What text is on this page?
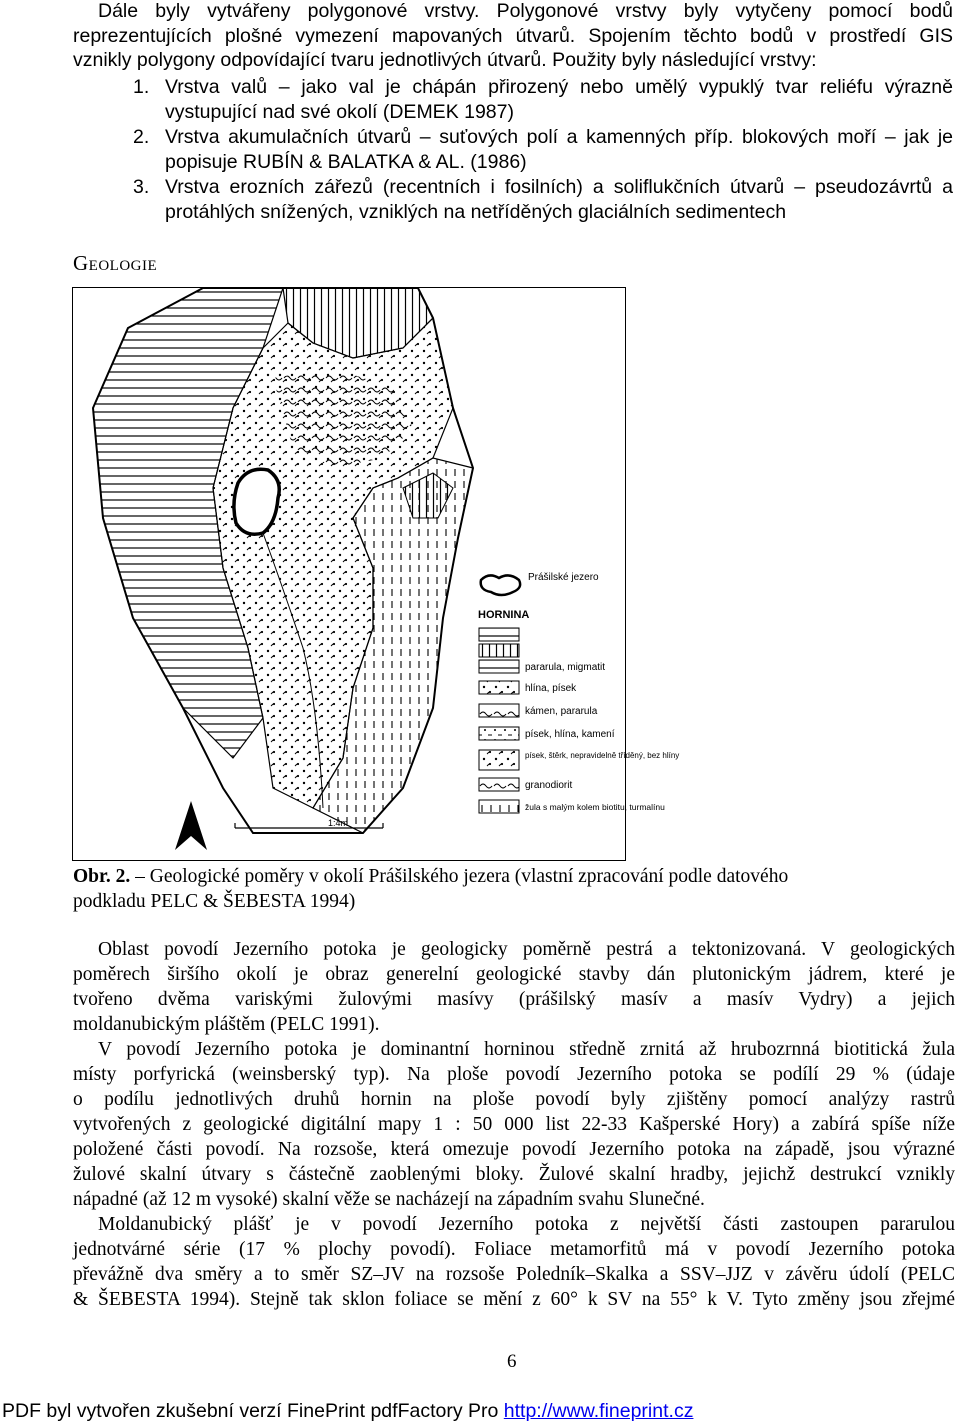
Dále byly vytvářeny polygonové vrstvy. Polygonové vrstvy byly vytyčeny pomocí bodů
reprezentujících plošné vymezení mapovaných útvarů. Spojením těchto bodů v prostředí GIS
vznikly polygony odpovídající tvaru jednotlivých útvarů. Použity byly následující vrstvy:
1. Vrstva valů – jako val je chápán přirozený nebo umělý vypuklý tvar reliéfu výrazně
vystupující nad své okolí (DEMEK 1987)
2. Vrstva akumulačních útvarů – suťových polí a kamenných příp. blokových moří – jak je
popisuje RUBÍN & BALATKA & AL. (1986)
3. Vrstva erozních zářezů (recentních i fosilních) a soliflukčních útvarů – pseudozávrtů a
protáhlých snížených, vzniklých na netříděných glaciálních sedimentech
Geologie
1:4m
Prášilské jezero
HORNINA
pararula, migmatit
hlína, písek
kámen, pararula
písek, hlína, kamení
písek, štěrk, nepravidelně tříděný, bez hlíny
granodiorit
žula s malým kolem biotitu, turmalínu
Obr. 2. – Geologické poměry v okolí Prášilského jezera (vlastní zpracování podle datového
podkladu PELC & ŠEBESTA 1994)
Oblast povodí Jezerního potoka je geologicky poměrně pestrá a tektonizovaná. V geologických
poměrech širšího okolí je obraz generelní geologické stavby dán plutonickým jádrem, které je
tvořeno dvěma variskými žulovými masívy (prášilský masív a masív Vydry) a jejich
moldanubickým pláštěm (PELC 1991).
V povodí Jezerního potoka je dominantní horninou středně zrnitá až hrubozrnná biotitická žula
místy porfyrická (weinsberský typ). Na ploše povodí Jezerního potoka se podílí 29 % (údaje
o podílu jednotlivých druhů hornin na ploše povodí byly zjištěny pomocí analýzy rastrů
vytvořených z geologické digitální mapy 1 : 50 000 list 22-33 Kašperské Hory) a zabírá spíše níže
položené části povodí. Na rozsoše, která omezuje povodí Jezerního potoka na západě, jsou výrazné
žulové skalní útvary s částečně zaoblenými bloky. Žulové skalní hradby, jejichž destrukcí vznikly
nápadné (až 12 m vysoké) skalní věže se nacházejí na západním svahu Slunečné.
Moldanubický plášť je v povodí Jezerního potoka z největší části zastoupen pararulou
jednotvárné série (17 % plochy povodí). Foliace metamorfitů má v povodí Jezerního potoka
převážně dva směry a to směr SZ–JV na rozsoše Poledník–Skalka a SSV–JJZ v závěru údolí (PELC
& ŠEBESTA 1994). Stejně tak sklon foliace se mění z 60° k SV na 55° k V. Tyto změny jsou zřejmé
6
PDF byl vytvořen zkušební verzí FinePrint pdfFactory Pro http://www.fineprint.cz
